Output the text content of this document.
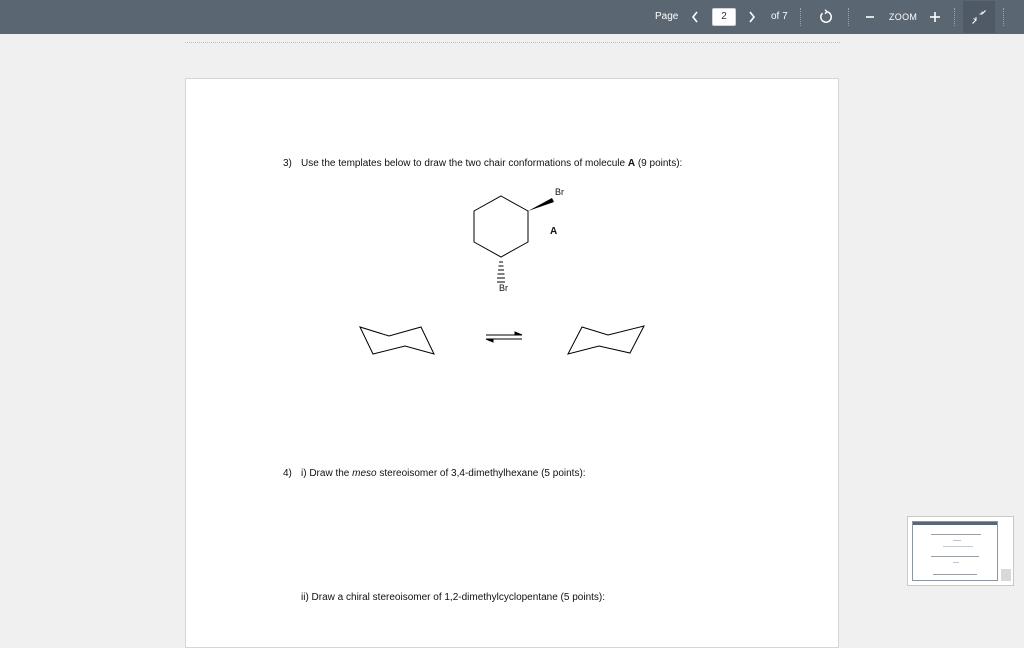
Page
2	of 7	ZOOM
3) Use the templates below to draw the two chair conformations of molecule A (9 points):
Br
A
Br
4) i) Draw the meso stereoisomer of 3,4-dimethylhexane (5 points):
ii) Draw a chiral stereoisomer of 1,2-dimethylcyclopentane (5 points):
